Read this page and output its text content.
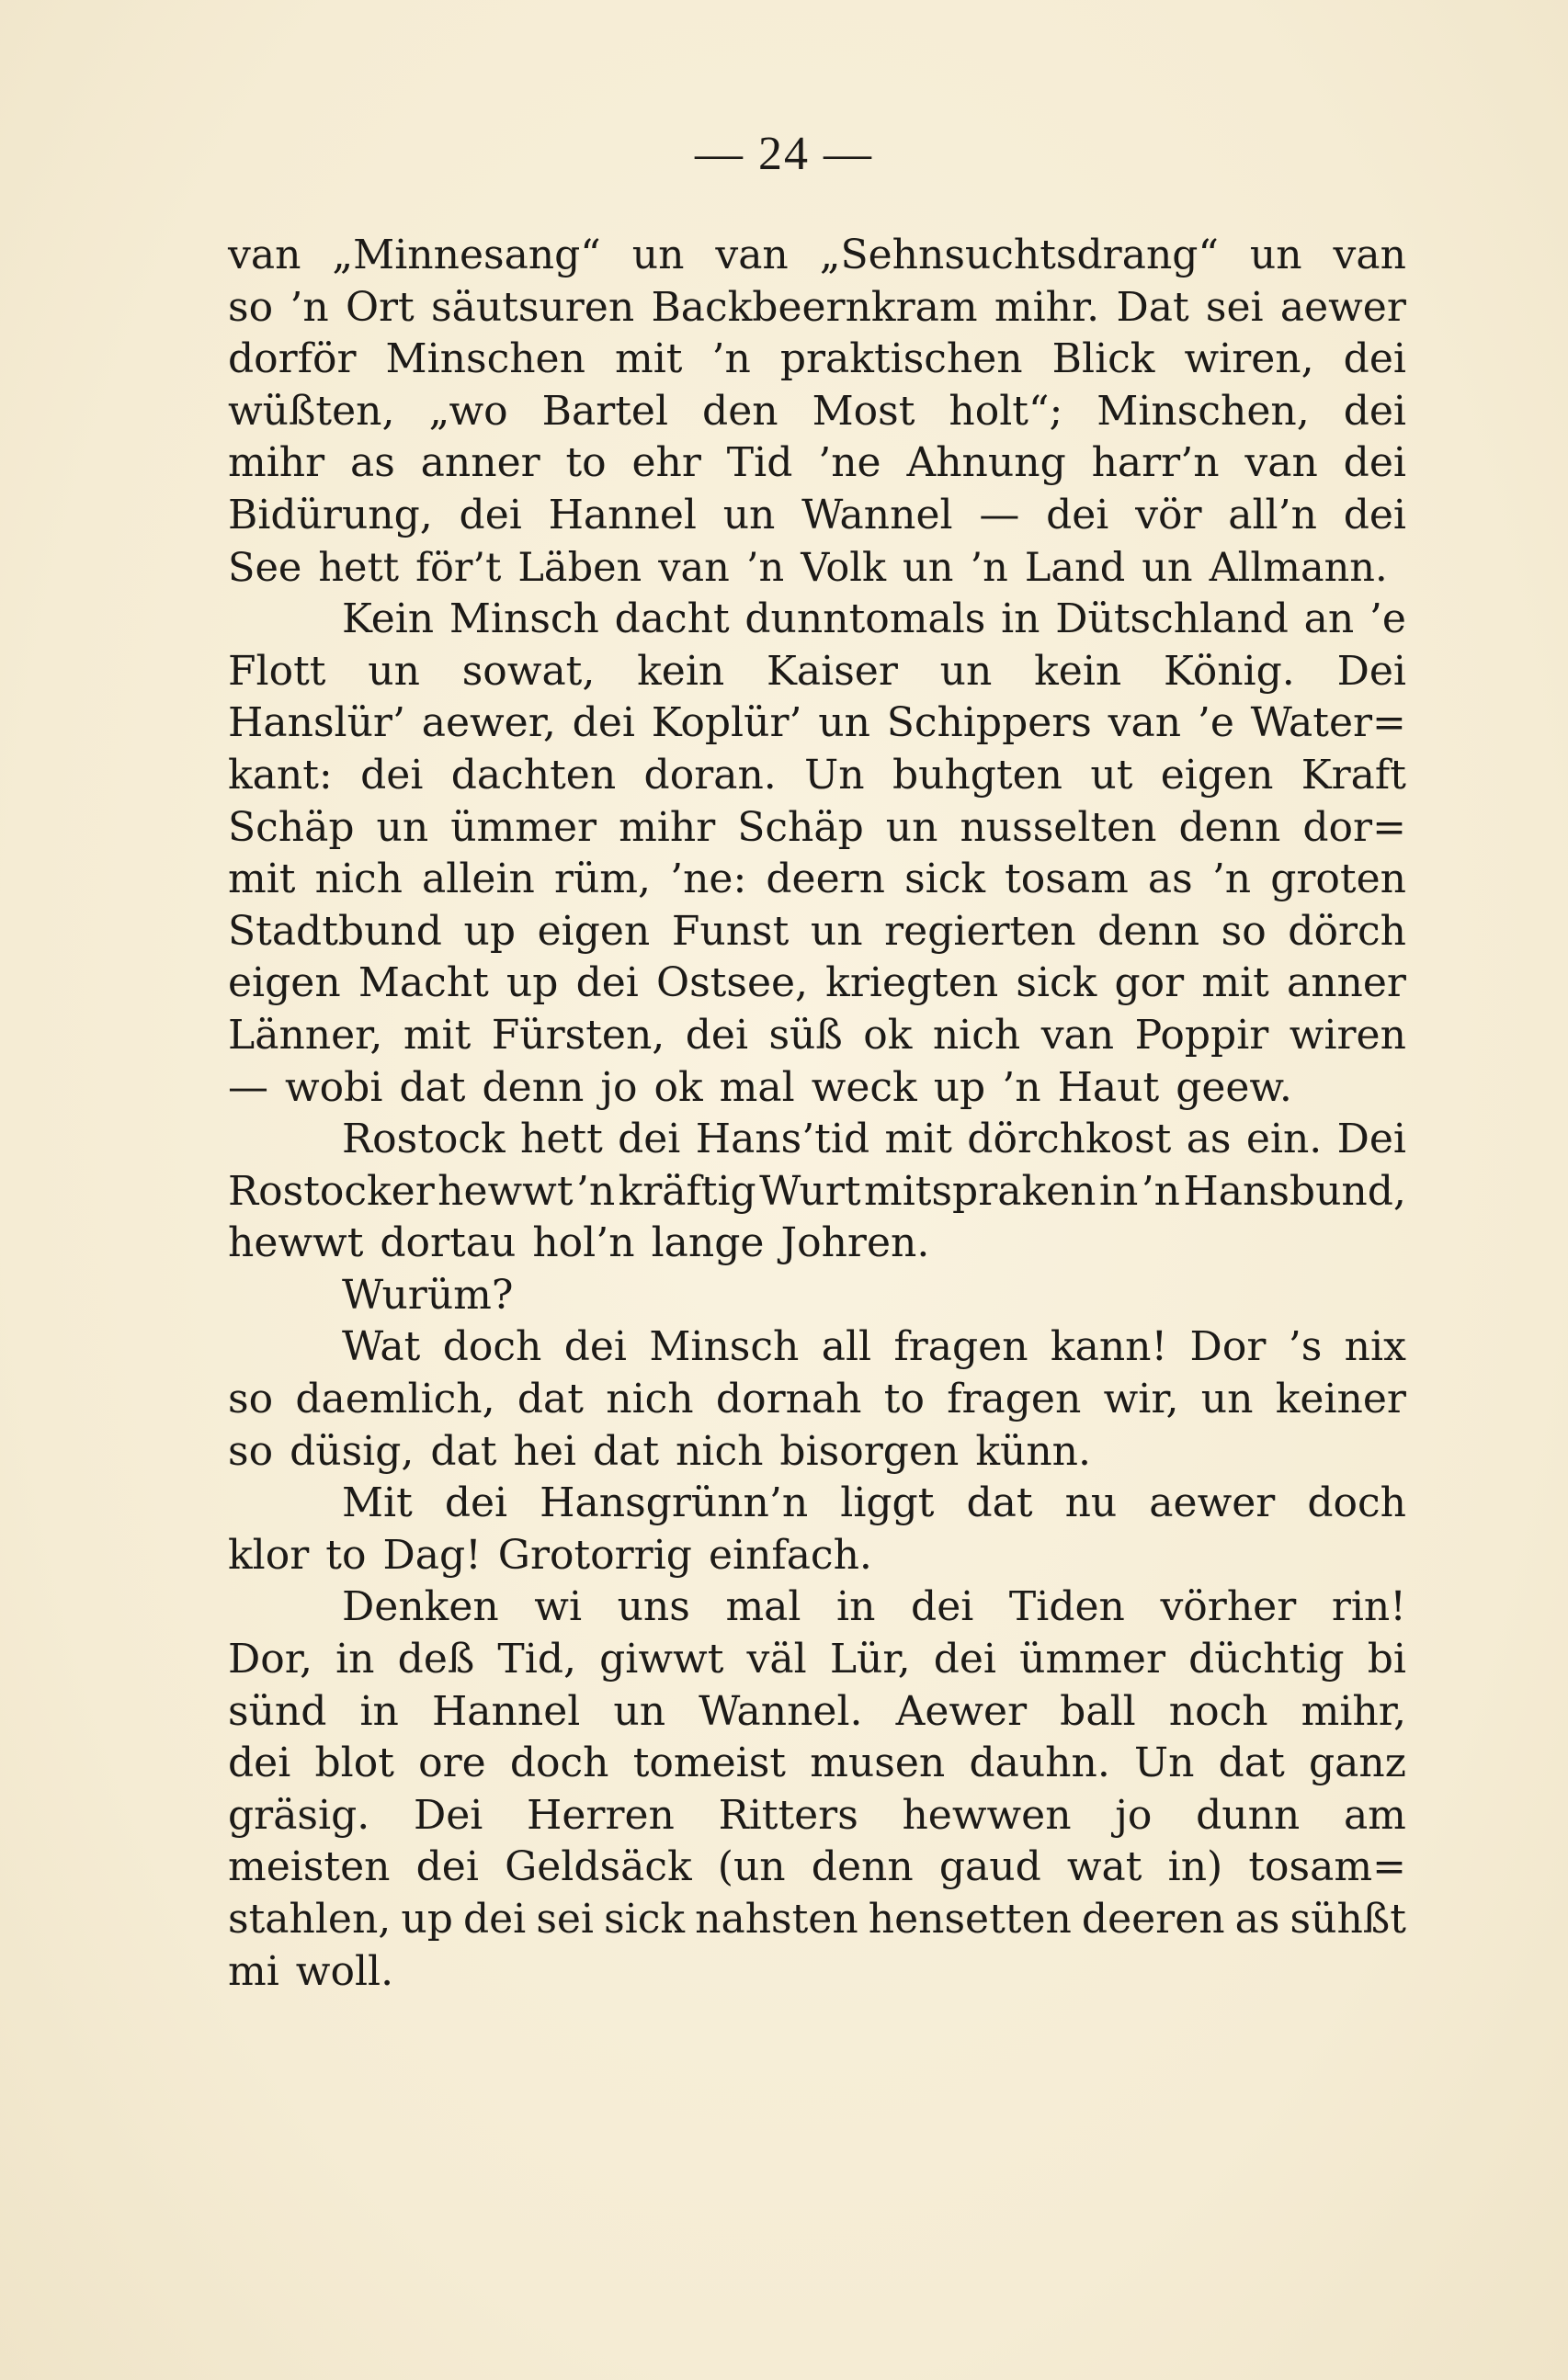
— 24 —
van „Minnesang“ un van „Sehnsuchtsdrang“ un van
so ’n Ort säutsuren Backbeernkram mihr. Dat sei aewer
dorför Minschen mit ’n praktischen Blick wiren, dei
wüßten, „wo Bartel den Most holt“; Minschen, dei
mihr as anner to ehr Tid ’ne Ahnung harr’n van dei
Bidürung, dei Hannel un Wannel — dei vör all’n dei
See hett för’t Läben van ’n Volk un ’n Land un Allmann.
Kein Minsch dacht dunntomals in Dütschland an ’e
Flott un sowat, kein Kaiser un kein König. Dei
Hanslür’ aewer, dei Koplür’ un Schippers van ’e Water=
kant: dei dachten doran. Un buhgten ut eigen Kraft
Schäp un ümmer mihr Schäp un nusselten denn dor=
mit nich allein rüm, ’ne: deern sick tosam as ’n groten
Stadtbund up eigen Funst un regierten denn so dörch
eigen Macht up dei Ostsee, kriegten sick gor mit anner
Länner, mit Fürsten, dei süß ok nich van Poppir wiren
— wobi dat denn jo ok mal weck up ’n Haut geew.
Rostock hett dei Hans’tid mit dörchkost as ein. Dei
Rostocker hewwt ’n kräftig Wurt mitspraken in ’n Hansbund,
hewwt dortau hol’n lange Johren.
Wurüm?
Wat doch dei Minsch all fragen kann! Dor ’s nix
so daemlich, dat nich dornah to fragen wir, un keiner
so düsig, dat hei dat nich bisorgen künn.
Mit dei Hansgrünn’n liggt dat nu aewer doch
klor to Dag! Grotorrig einfach.
Denken wi uns mal in dei Tiden vörher rin!
Dor, in deß Tid, giwwt väl Lür, dei ümmer düchtig bi
sünd in Hannel un Wannel. Aewer ball noch mihr,
dei blot ore doch tomeist musen dauhn. Un dat ganz
gräsig. Dei Herren Ritters hewwen jo dunn am
meisten dei Geldsäck (un denn gaud wat in) tosam=
stahlen, up dei sei sick nahsten hensetten deeren as sühßt
mi woll.
